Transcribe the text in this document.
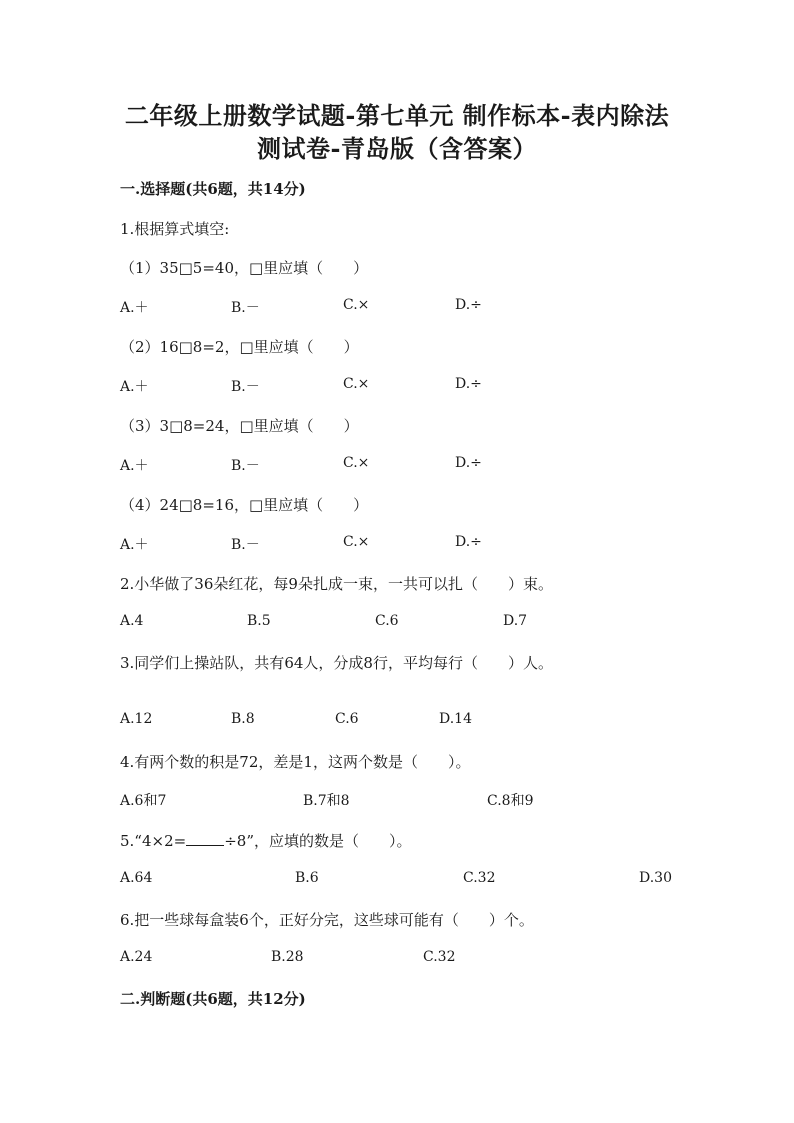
二年级上册数学试题-第七单元 制作标本-表内除法
测试卷-青岛版（含答案）
一.选择题(共6题，共14分)
1.根据算式填空:
（1）35□5=40，□里应填（　　）
A.＋	B.－	C.×	D.÷
（2）16□8=2，□里应填（　　）
A.＋	B.－	C.×	D.÷
（3）3□8=24，□里应填（　　）
A.＋	B.－	C.×	D.÷
（4）24□8=16，□里应填（　　）
A.＋	B.－	C.×	D.÷
2.小华做了36朵红花，每9朵扎成一束，一共可以扎（　　）束。
A.4	B.5	C.6	D.7
3.同学们上操站队，共有64人，分成8行，平均每行（　　）人。
A.12	B.8	C.6	D.14
4.有两个数的积是72，差是1，这两个数是（　　）。
A.6和7	B.7和8	C.8和9
5.“4×2=	÷8”，应填的数是（　　）。
A.64	B.6	C.32	D.30
6.把一些球每盒装6个，正好分完，这些球可能有（　　）个。
A.24	B.28	C.32
二.判断题(共6题，共12分)
